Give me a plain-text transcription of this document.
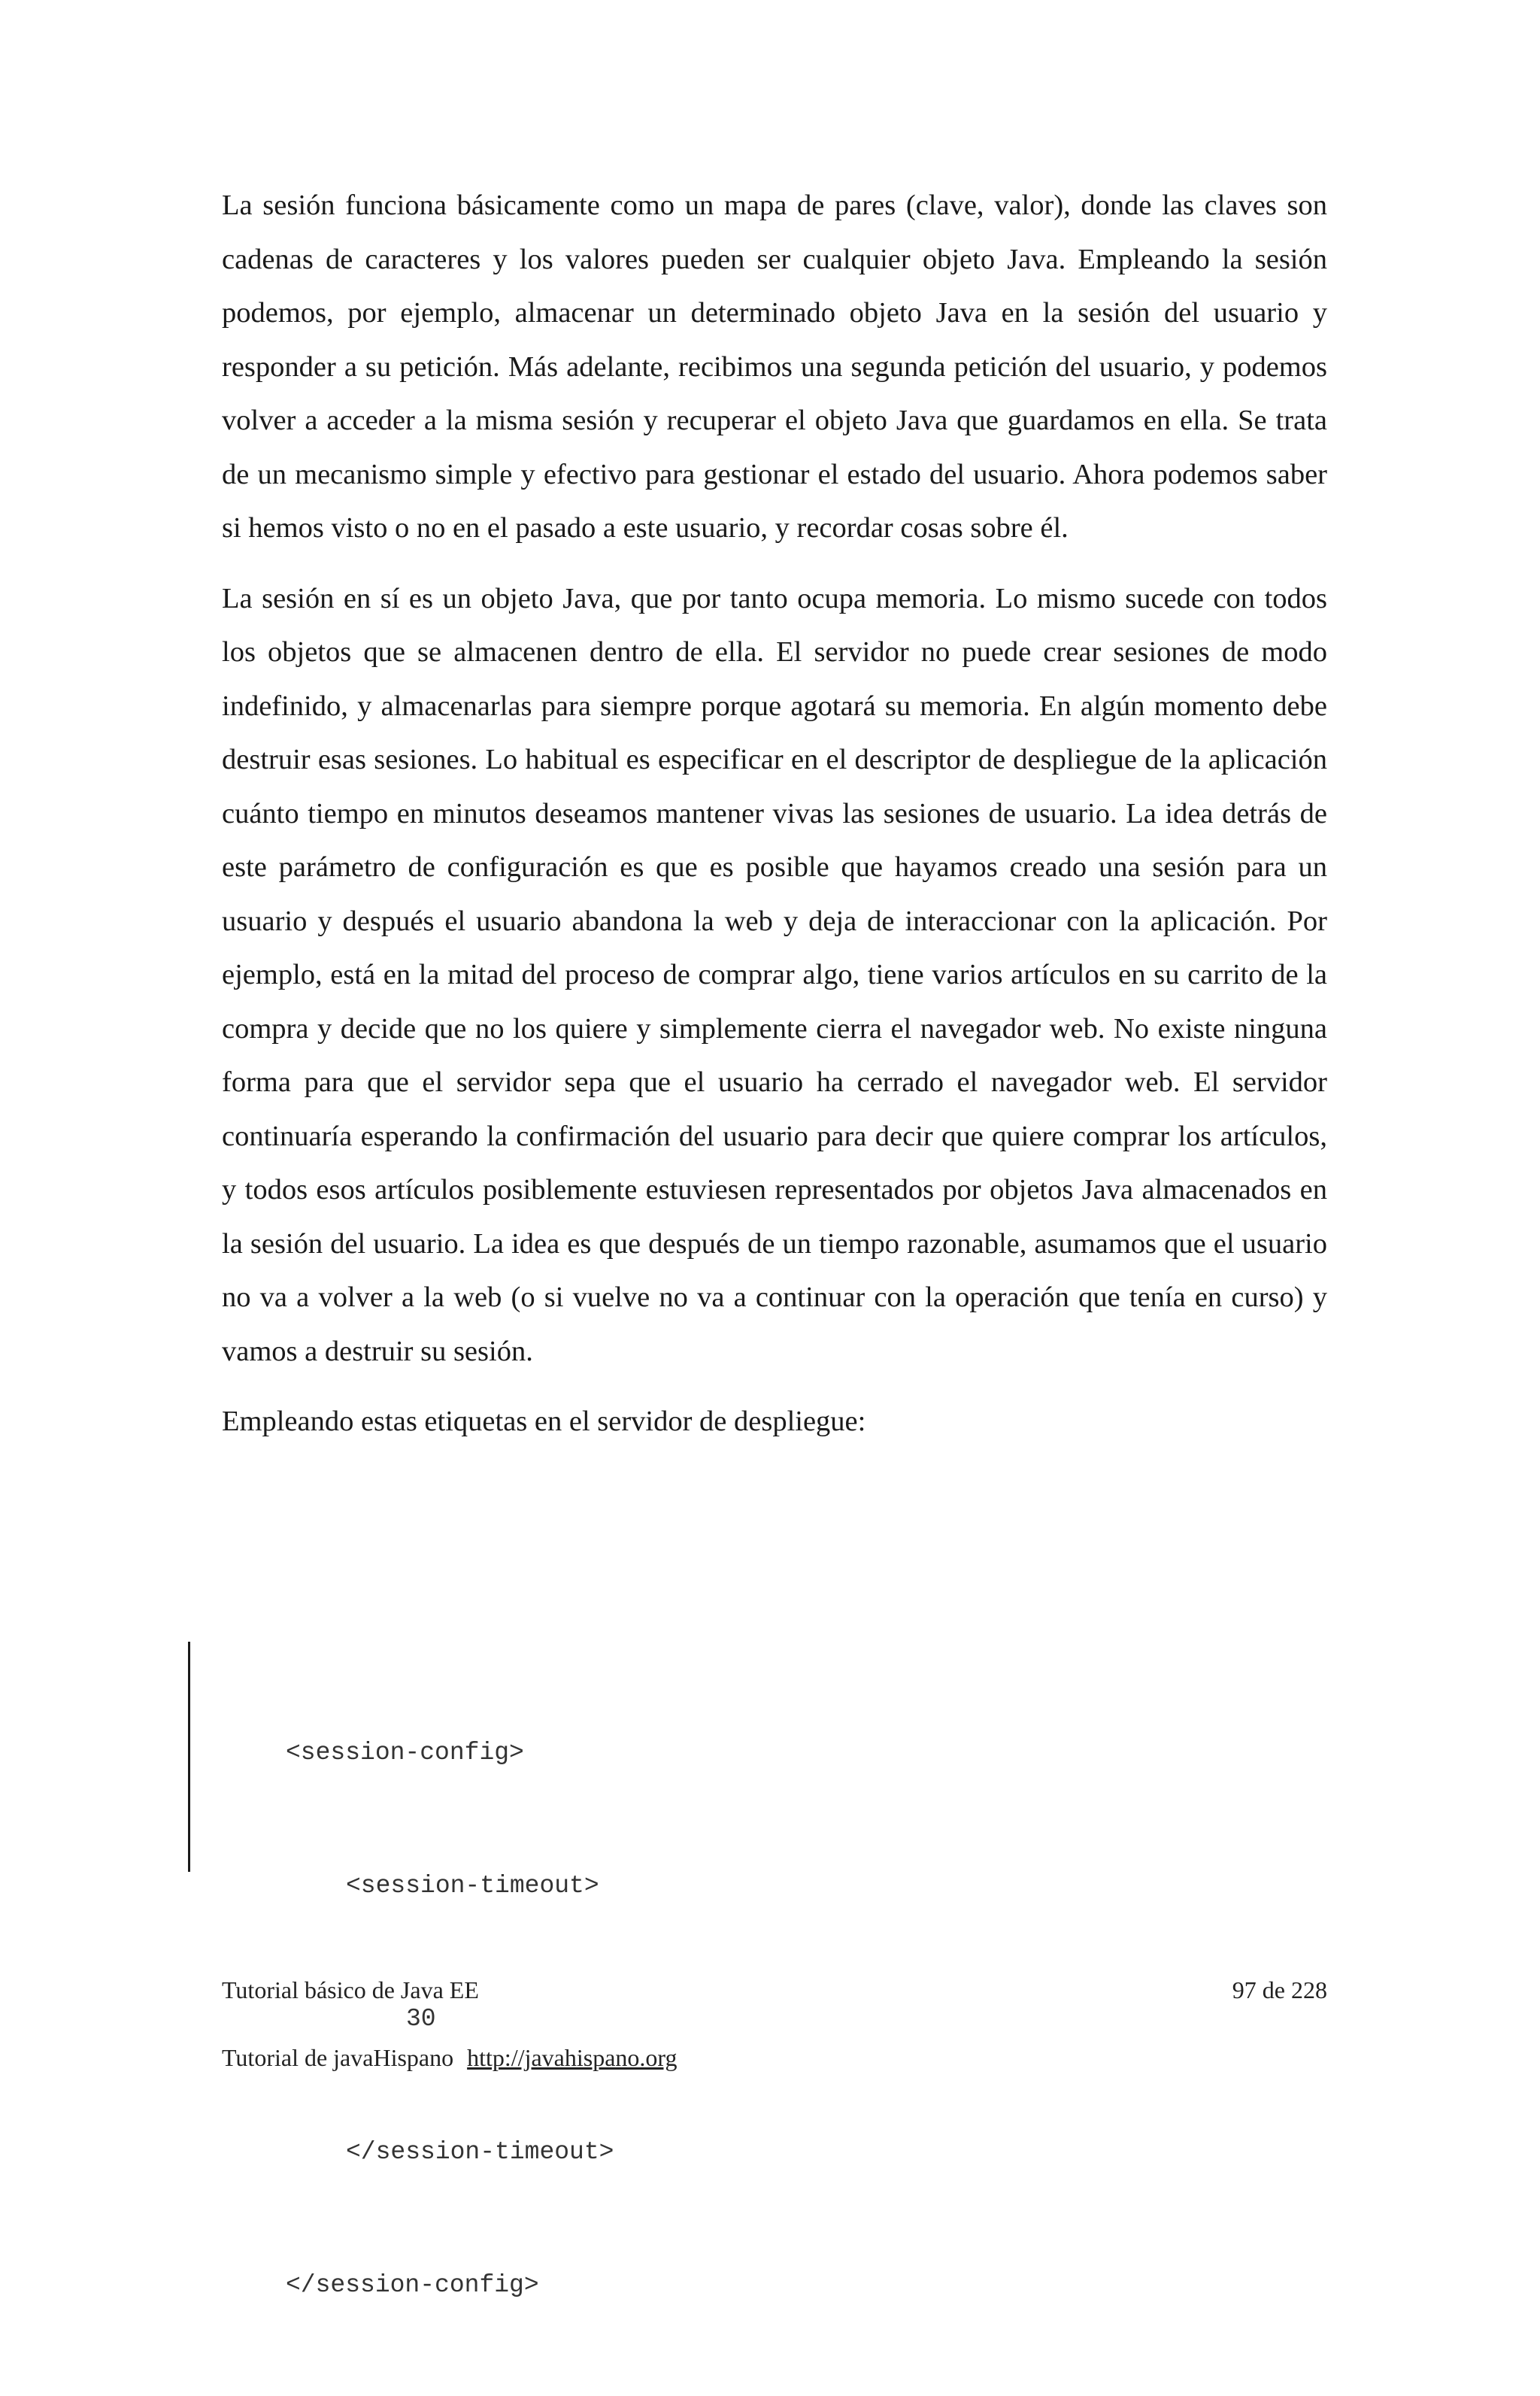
La sesión funciona básicamente como un mapa de pares (clave, valor), donde las claves son cadenas de caracteres y los valores pueden ser cualquier objeto Java. Empleando la sesión podemos, por ejemplo, almacenar un determinado objeto Java en la sesión del usuario y responder a su petición. Más adelante, recibimos una segunda petición del usuario, y podemos volver a acceder a la misma sesión y recuperar el objeto Java que guardamos en ella. Se trata de un mecanismo simple y efectivo para gestionar el estado del usuario. Ahora podemos saber si hemos visto o no en el pasado a este usuario, y recordar cosas sobre él.

La sesión en sí es un objeto Java, que por tanto ocupa memoria. Lo mismo sucede con todos los objetos que se almacenen dentro de ella. El servidor no puede crear sesiones de modo indefinido, y almacenarlas para siempre porque agotará su memoria. En algún momento debe destruir esas sesiones. Lo habitual es especificar en el descriptor de despliegue de la aplicación cuánto tiempo en minutos deseamos mantener vivas las sesiones de usuario. La idea detrás de este parámetro de configuración es que es posible que hayamos creado una sesión para un usuario y después el usuario abandona la web y deja de interaccionar con la aplicación. Por ejemplo, está en la mitad del proceso de comprar algo, tiene varios artículos en su carrito de la compra y decide que no los quiere y simplemente cierra el navegador web. No existe ninguna forma para que el servidor sepa que el usuario ha cerrado el navegador web. El servidor continuaría esperando la confirmación del usuario para decir que quiere comprar los artículos, y todos esos artículos posiblemente estuviesen representados por objetos Java almacenados en la sesión del usuario. La idea es que después de un tiempo razonable, asumamos que el usuario no va a volver a la web (o si vuelve no va a continuar con la operación que tenía en curso) y vamos a destruir su sesión.

Empleando estas etiquetas en el servidor de despliegue:

<session-config>

<session-timeout>

30

</session-timeout>

</session-config>

Tutorial básico de Java EE	97 de 228
Tutorial de javaHispano http://javahispano.org
